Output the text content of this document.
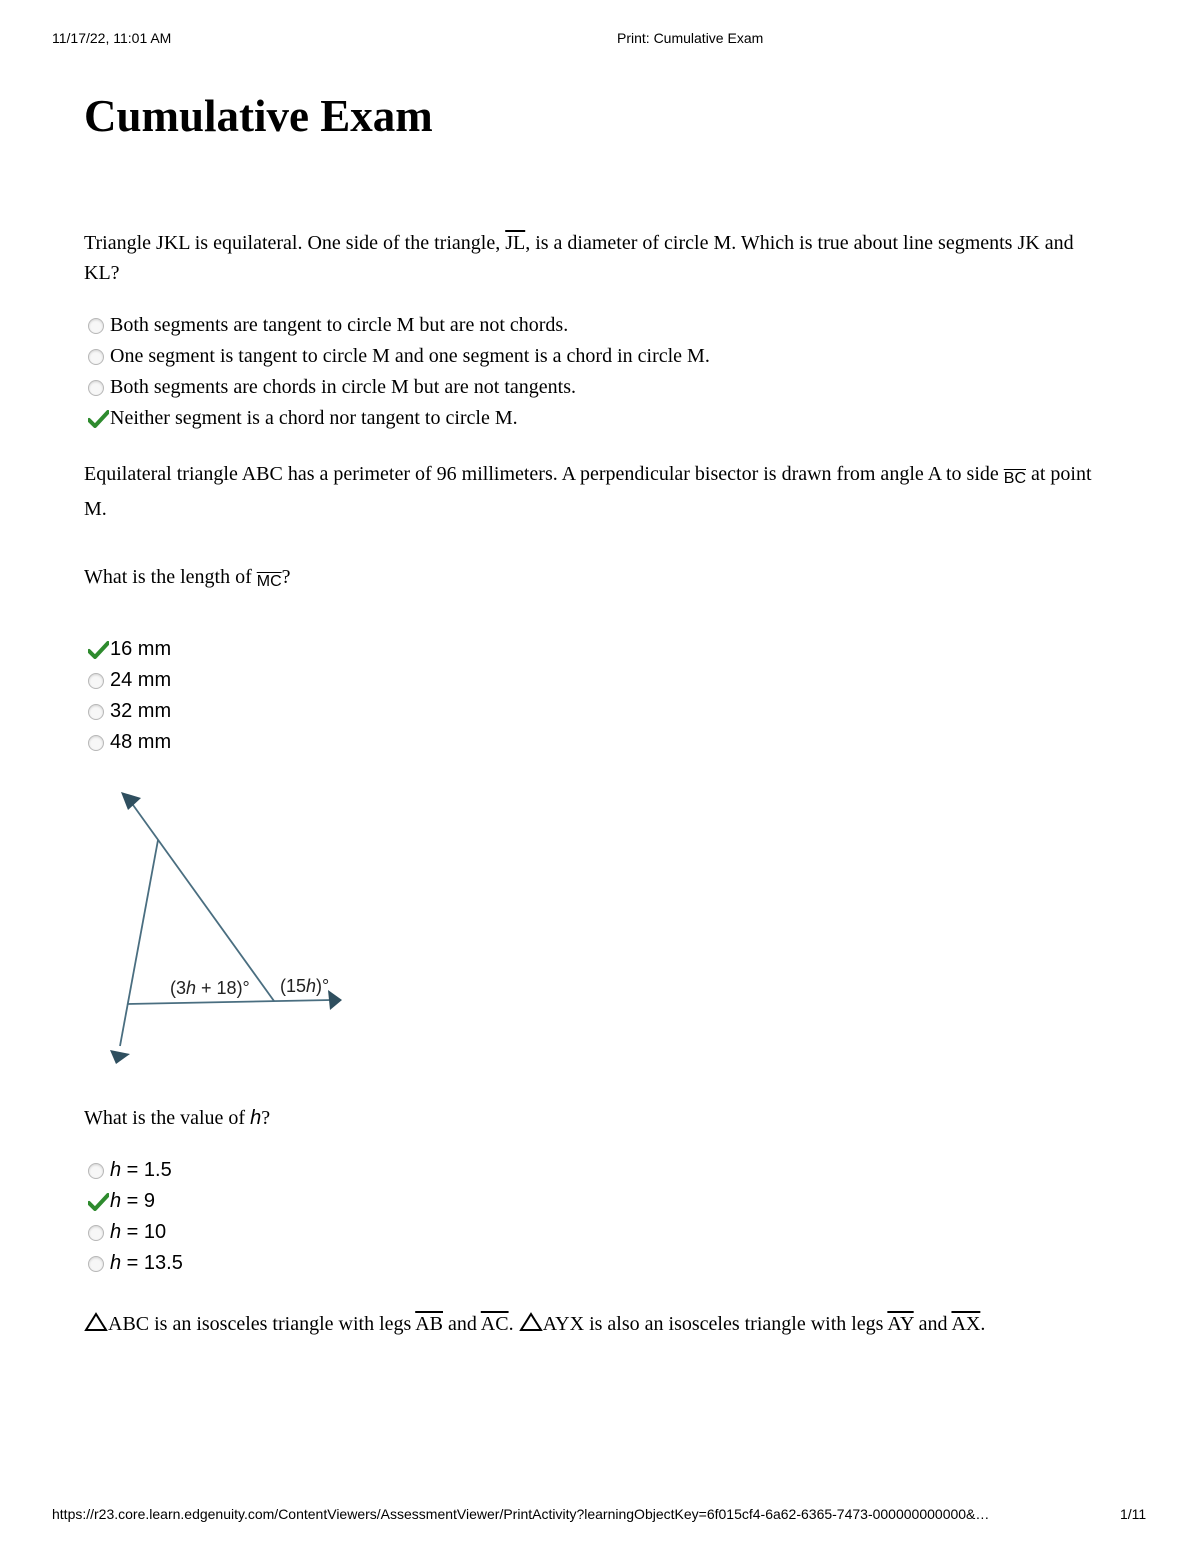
11/17/22, 11:01 AM	Print: Cumulative Exam
Cumulative Exam
Triangle JKL is equilateral. One side of the triangle, $\overline{JL}$, is a diameter of circle M. Which is true about line segments JK and KL?
Both segments are tangent to circle M but are not chords.
One segment is tangent to circle M and one segment is a chord in circle M.
Both segments are chords in circle M but are not tangents.
Neither segment is a chord nor tangent to circle M.
Equilateral triangle ABC has a perimeter of 96 millimeters. A perpendicular bisector is drawn from angle A to side $\overline{BC}$ at point M.
What is the length of $\overline{MC}$?
16 mm
24 mm
32 mm
48 mm
(3h + 18)° (15h)°
What is the value of h?
h = 1.5
h = 9
h = 10
h = 13.5
ABC is an isosceles triangle with legs $\overline{AB}$ and $\overline{AC}$. AYX is also an isosceles triangle with legs $\overline{AY}$ and $\overline{AX}$.
https://r23.core.learn.edgenuity.com/ContentViewers/AssessmentViewer/PrintActivity?learningObjectKey=6f015cf4-6a62-6365-7473-000000000000&…	1/11
